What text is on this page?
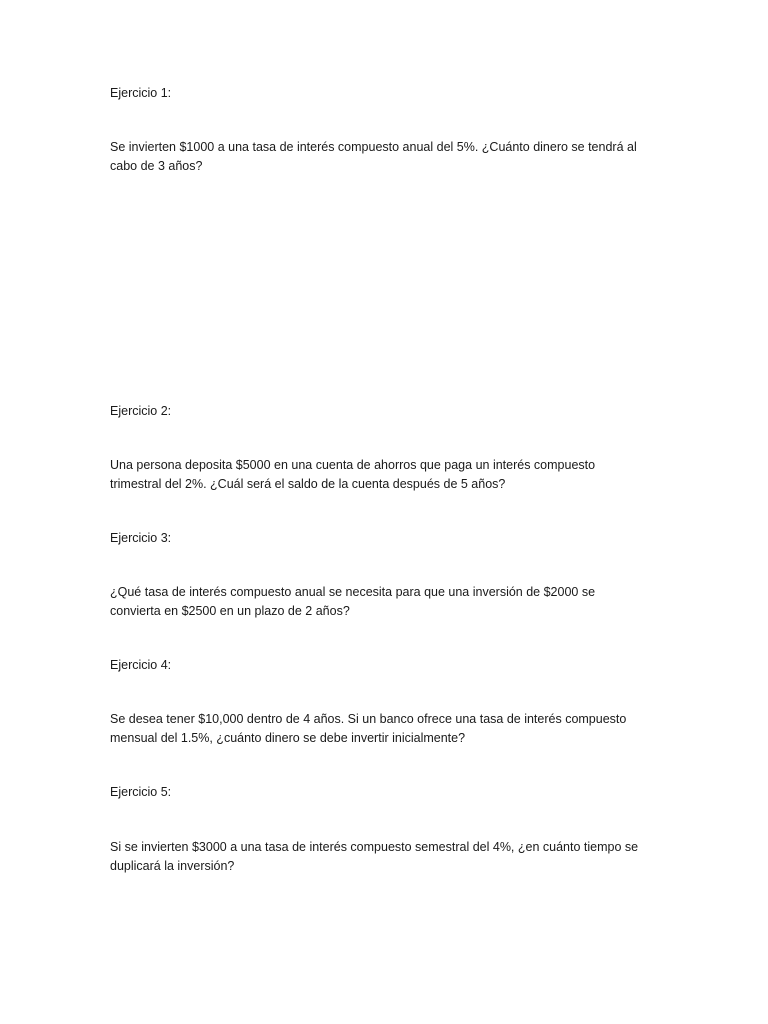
Ejercicio 1:
Se invierten $1000 a una tasa de interés compuesto anual del 5%. ¿Cuánto dinero se tendrá al
cabo de 3 años?
Ejercicio 2:
Una persona deposita $5000 en una cuenta de ahorros que paga un interés compuesto
trimestral del 2%. ¿Cuál será el saldo de la cuenta después de 5 años?
Ejercicio 3:
¿Qué tasa de interés compuesto anual se necesita para que una inversión de $2000 se
convierta en $2500 en un plazo de 2 años?
Ejercicio 4:
Se desea tener $10,000 dentro de 4 años. Si un banco ofrece una tasa de interés compuesto
mensual del 1.5%, ¿cuánto dinero se debe invertir inicialmente?
Ejercicio 5:
Si se invierten $3000 a una tasa de interés compuesto semestral del 4%, ¿en cuánto tiempo se
duplicará la inversión?
